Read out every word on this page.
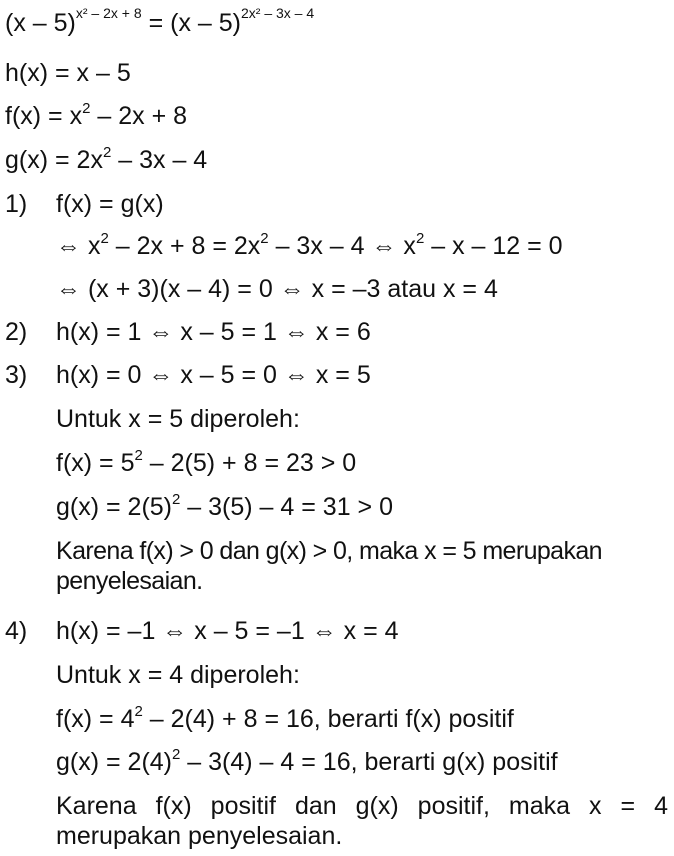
(x – 5)$^{x^2 - 2x + 8}$ = (x – 5)$^{2x^2 - 3x - 4}$
h(x) = x – 5
$f(x) = x^2 - 2x + 8$
$g(x) = 2x^2 - 3x - 4$
1) f(x) = g(x)
⇔ $x^2 - 2x + 8 = 2x^2 - 3x - 4$ ⇔ $x^2 - x - 12 = 0$
⇔ (x + 3)(x – 4) = 0 ⇔ x = –3 atau x = 4
2) h(x) = 1 ⇔ x – 5 = 1 ⇔ x = 6
3) h(x) = 0 ⇔ x – 5 = 0 ⇔ x = 5
Untuk x = 5 diperoleh:
$f(x) = 5^2 - 2(5) + 8 = 23 > 0$
$g(x) = 2(5)^2 - 3(5) - 4 = 31 > 0$
Karena f(x) > 0 dan g(x) > 0, maka x = 5 merupakan penyelesaian.
4) h(x) = –1 ⇔ x – 5 = –1 ⇔ x = 4
Untuk x = 4 diperoleh:
$f(x) = 4^2 - 2(4) + 8 = 16$, berarti f(x) positif
$g(x) = 2(4)^2 - 3(4) - 4 = 16$, berarti g(x) positif
Karena f(x) positif dan g(x) positif, maka x = 4 merupakan penyelesaian.
